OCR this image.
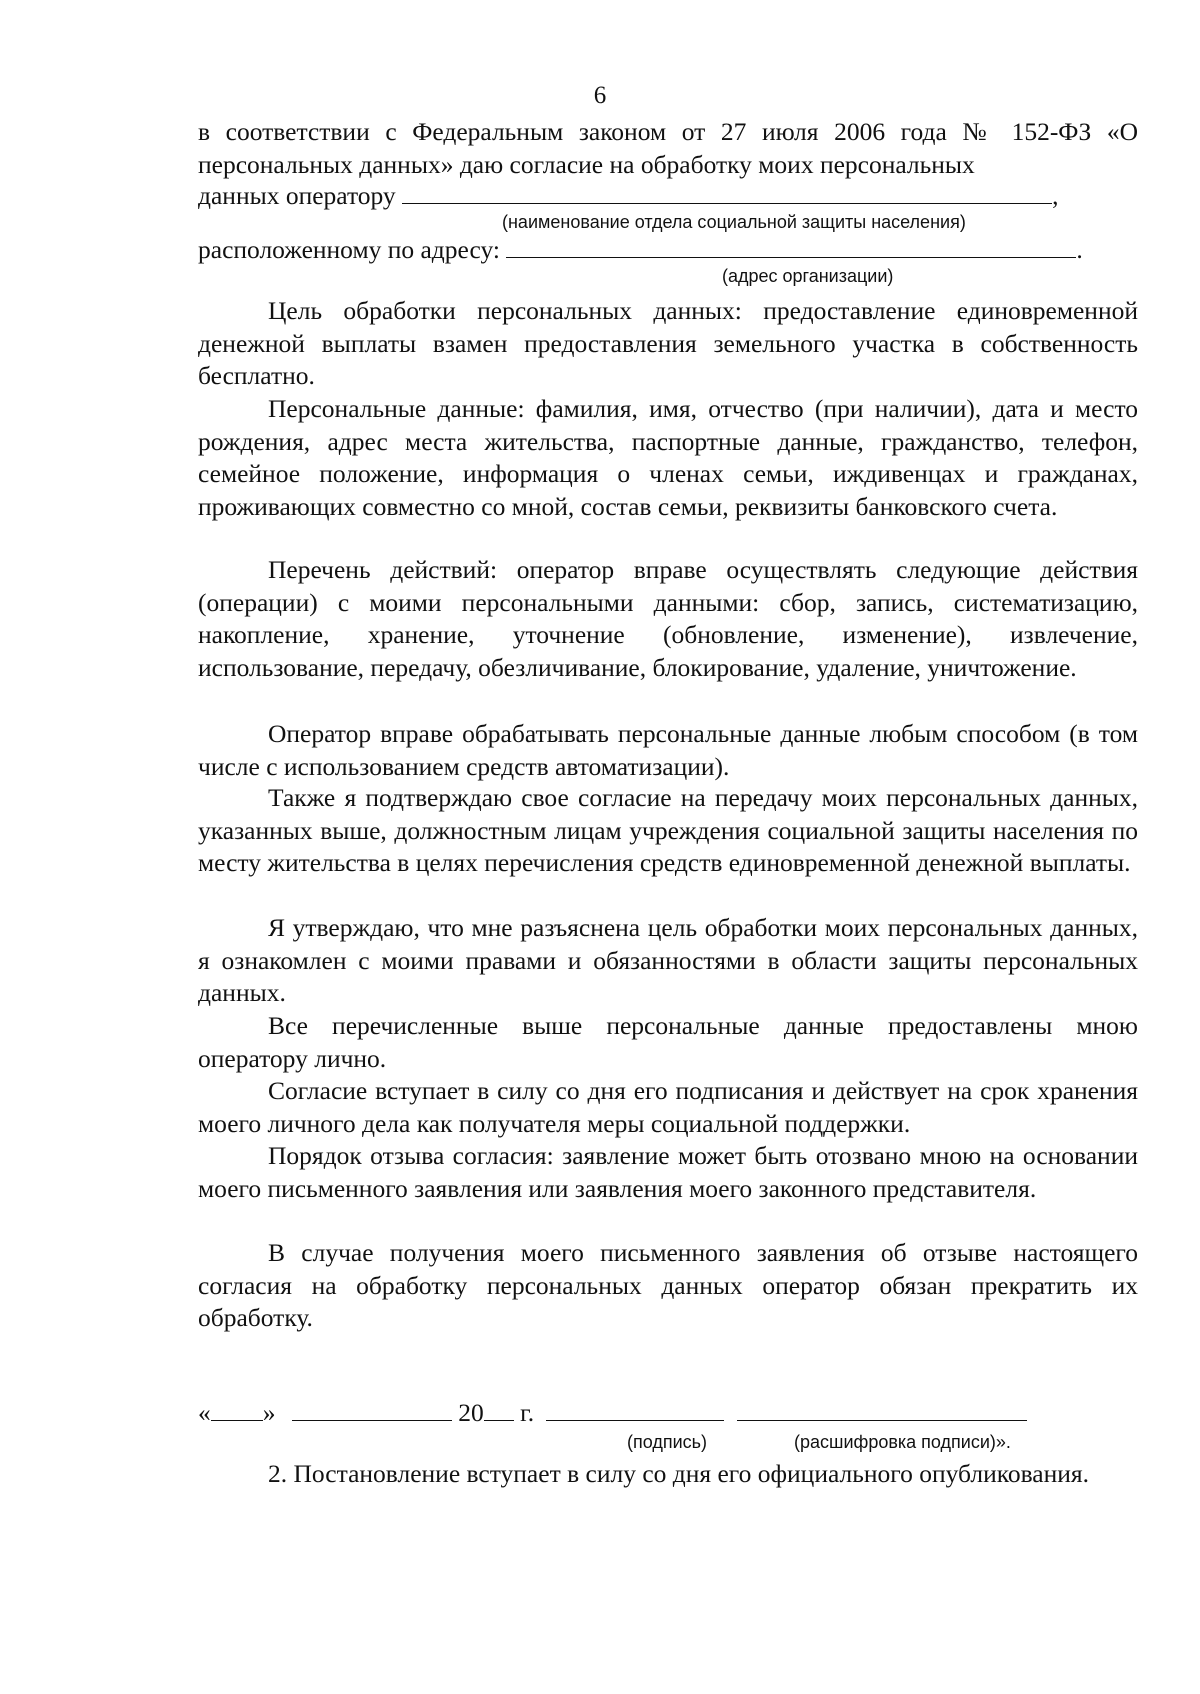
6
в соответствии с Федеральным законом от 27 июля 2006 года № 152-ФЗ «О персональных данных» даю согласие на обработку моих персональных
данных оператору	,
(наименование отдела социальной защиты населения)
расположенному по адресу:	.
(адрес организации)
Цель обработки персональных данных: предоставление единовременной денежной выплаты взамен предоставления земельного участка в собственность бесплатно.
Персональные данные: фамилия, имя, отчество (при наличии), дата и место рождения, адрес места жительства, паспортные данные, гражданство, телефон, семейное положение, информация о членах семьи, иждивенцах и гражданах, проживающих совместно со мной, состав семьи, реквизиты банковского счета.
Перечень действий: оператор вправе осуществлять следующие действия (операции) с моими персональными данными: сбор, запись, систематизацию, накопление, хранение, уточнение (обновление, изменение), извлечение, использование, передачу, обезличивание, блокирование, удаление, уничтожение.
Оператор вправе обрабатывать персональные данные любым способом (в том числе с использованием средств автоматизации).
Также я подтверждаю свое согласие на передачу моих персональных данных, указанных выше, должностным лицам учреждения социальной защиты населения по месту жительства в целях перечисления средств единовременной денежной выплаты.
Я утверждаю, что мне разъяснена цель обработки моих персональных данных, я ознакомлен с моими правами и обязанностями в области защиты персональных данных.
Все перечисленные выше персональные данные предоставлены мною оператору лично.
Согласие вступает в силу со дня его подписания и действует на срок хранения моего личного дела как получателя меры социальной поддержки.
Порядок отзыва согласия: заявление может быть отозвано мною на основании моего письменного заявления или заявления моего законного представителя.
В случае получения моего письменного заявления об отзыве настоящего согласия на обработку персональных данных оператор обязан прекратить их обработку.
« »	20 г.
(подпись)	(расшифровка подписи)».
2. Постановление вступает в силу со дня его официального опубликования.
